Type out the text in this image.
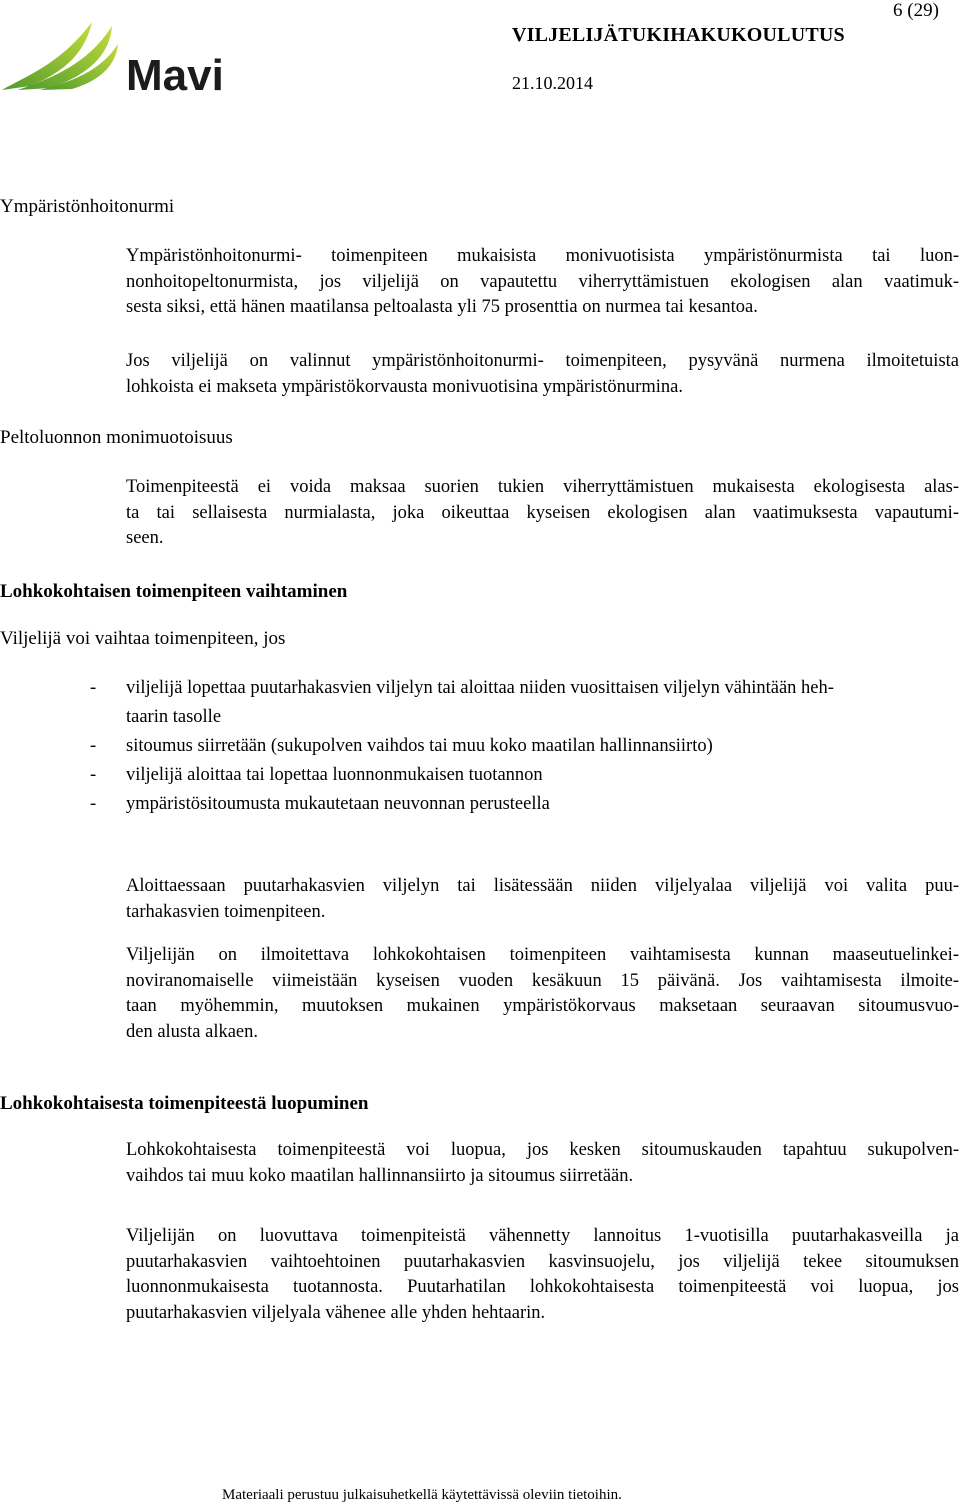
Mavi
VILJELIJÄTUKIHAKUKOULUTUS
6 (29)
21.10.2014
Ympäristönhoitonurmi
Ympäristönhoitonurmi- toimenpiteen mukaisista monivuotisista ympäristönurmista tai luon-
nonhoitopeltonurmista, jos viljelijä on vapautettu viherryttämistuen ekologisen alan vaatimuk-
sesta siksi, että hänen maatilansa peltoalasta yli 75 prosenttia on nurmea tai kesantoa.
Jos viljelijä on valinnut ympäristönhoitonurmi- toimenpiteen, pysyvänä nurmena ilmoitetuista
lohkoista ei makseta ympäristökorvausta monivuotisina ympäristönurmina.
Peltoluonnon monimuotoisuus
Toimenpiteestä ei voida maksaa suorien tukien viherryttämistuen mukaisesta ekologisesta alas-
ta tai sellaisesta nurmialasta, joka oikeuttaa kyseisen ekologisen alan vaatimuksesta vapautumi-
seen.
Lohkokohtaisen toimenpiteen vaihtaminen
Viljelijä voi vaihtaa toimenpiteen, jos
-	viljelijä lopettaa puutarhakasvien viljelyn tai aloittaa niiden vuosittaisen viljelyn vähintään heh-
taarin tasolle
-	sitoumus siirretään (sukupolven vaihdos tai muu koko maatilan hallinnansiirto)
-	viljelijä aloittaa tai lopettaa luonnonmukaisen tuotannon
-	ympäristösitoumusta mukautetaan neuvonnan perusteella
Aloittaessaan puutarhakasvien viljelyn tai lisätessään niiden viljelyalaa viljelijä voi valita puu-
tarhakasvien toimenpiteen.
Viljelijän on ilmoitettava lohkokohtaisen toimenpiteen vaihtamisesta kunnan maaseutuelinkei-
noviranomaiselle viimeistään kyseisen vuoden kesäkuun 15 päivänä. Jos vaihtamisesta ilmoite-
taan myöhemmin, muutoksen mukainen ympäristökorvaus maksetaan seuraavan sitoumusvuo-
den alusta alkaen.
Lohkokohtaisesta toimenpiteestä luopuminen
Lohkokohtaisesta toimenpiteestä voi luopua, jos kesken sitoumuskauden tapahtuu sukupolven-
vaihdos tai muu koko maatilan hallinnansiirto ja sitoumus siirretään.
Viljelijän on luovuttava toimenpiteistä vähennetty lannoitus 1-vuotisilla puutarhakasveilla ja
puutarhakasvien vaihtoehtoinen puutarhakasvien kasvinsuojelu, jos viljelijä tekee sitoumuksen
luonnonmukaisesta tuotannosta. Puutarhatilan lohkokohtaisesta toimenpiteestä voi luopua, jos
puutarhakasvien viljelyala vähenee alle yhden hehtaarin.
Materiaali perustuu julkaisuhetkellä käytettävissä oleviin tietoihin.
